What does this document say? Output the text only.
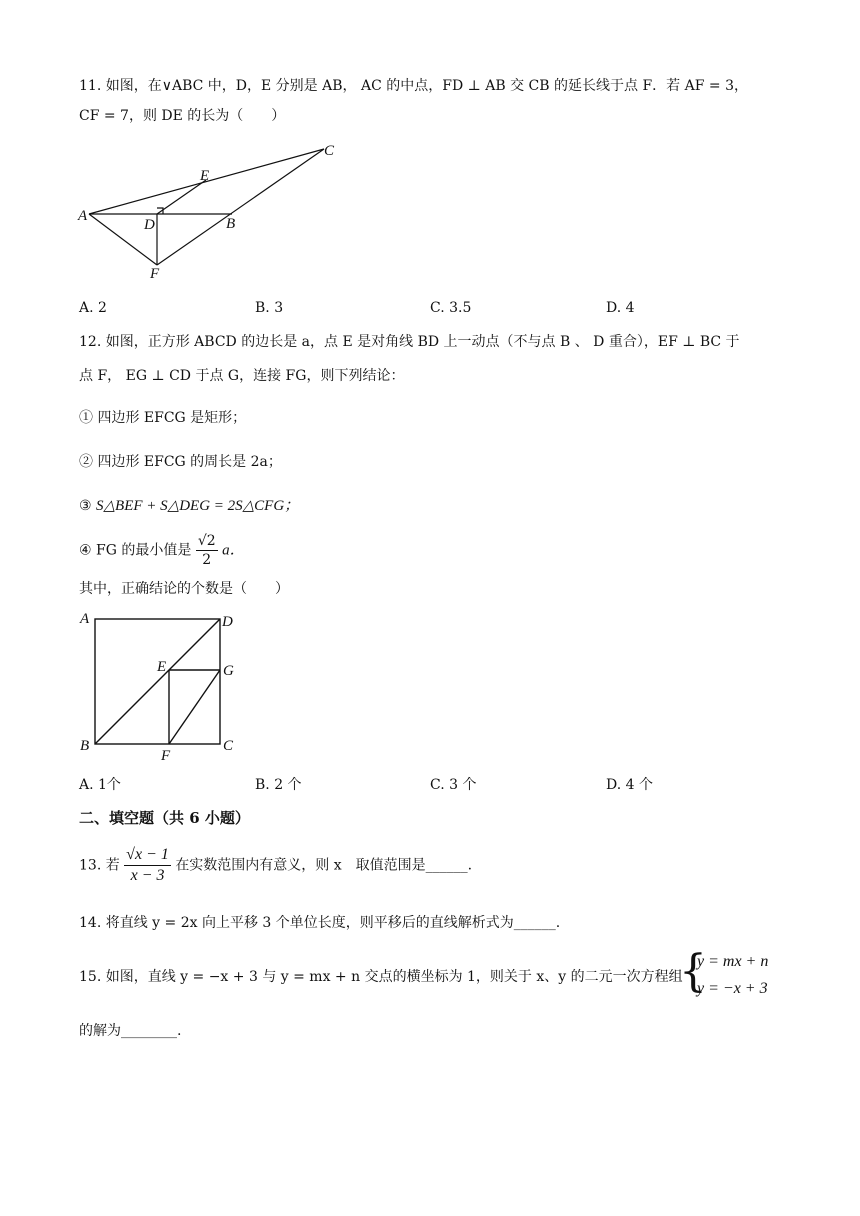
11. 如图，在∨ABC 中，D，E 分别是 AB， AC 的中点，FD ⊥ AB 交 CB 的延长线于点 F．若 AF = 3，
CF = 7，则 DE 的长为（　　）
C
E
A
D	B
F
A. 2	B. 3	C. 3.5	D. 4
12. 如图，正方形 ABCD 的边长是 a，点 E 是对角线 BD 上一动点（不与点 B 、 D 重合），EF ⊥ BC 于
点 F， EG ⊥ CD 于点 G，连接 FG，则下列结论：
① 四边形 EFCG 是矩形；
② 四边形 EFCG 的周长是 2a；
③ S△BEF + S△DEG = 2S△CFG；
④ FG 的最小值是 $\frac{√2}{2}$ a．
其中，正确结论的个数是（　　）
A	D
E	G
B
F
C
A. 1个	B. 2 个	C. 3 个	D. 4 个
二、填空题（共 6 小题）
13. 若 $\frac{√x - 1}{x - 3}$ 在实数范围内有意义，则 x　取值范围是______.
14. 将直线 y = 2x 向上平移 3 个单位长度，则平移后的直线解析式为______.
15. 如图，直线 y = −x + 3 与 y = mx + n 交点的横坐标为 1，则关于 x、y 的二元一次方程组
{
y = mx + n
y = −x + 3
的解为________.
